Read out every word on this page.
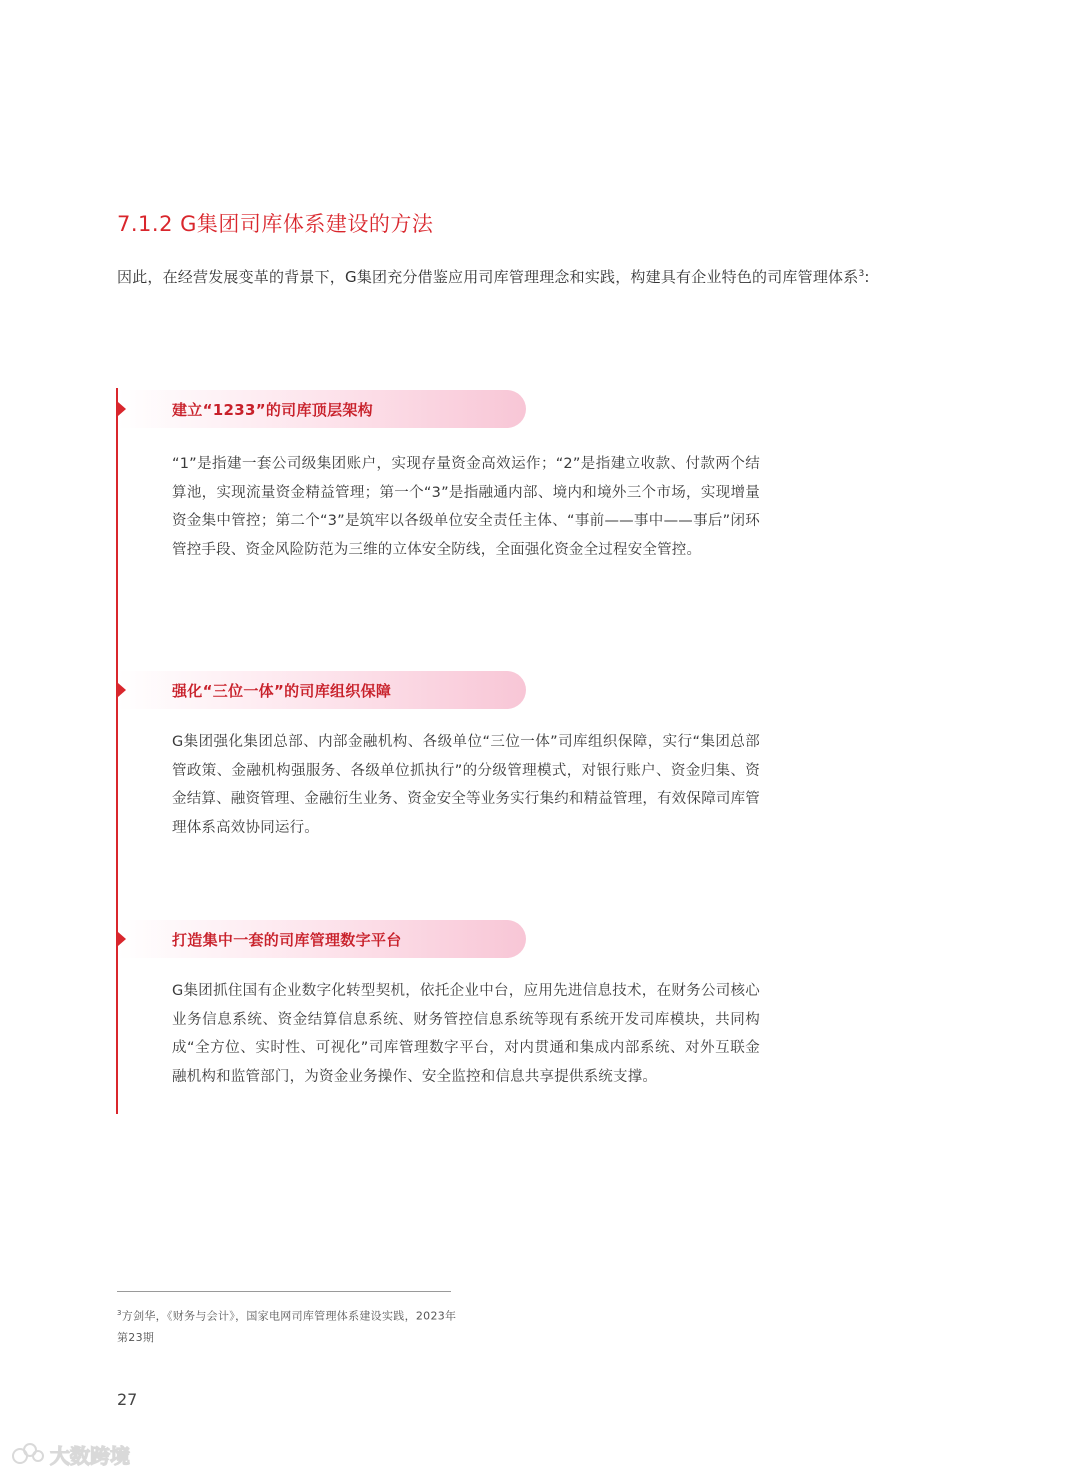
7.1.2 G集团司库体系建设的方法
因此，在经营发展变革的背景下，G集团充分借鉴应用司库管理理念和实践，构建具有企业特色的司库管理体系$^3$:
建立“1233”的司库顶层架构
“1”是指建一套公司级集团账户，实现存量资金高效运作；“2”是指建立收款、付款两个结算池，实现流量资金精益管理；第一个“3”是指融通内部、境内和境外三个市场，实现增量资金集中管控；第二个“3”是筑牢以各级单位安全责任主体、“事前——事中——事后”闭环管控手段、资金风险防范为三维的立体安全防线，全面强化资金全过程安全管控。
强化“三位一体”的司库组织保障
G集团强化集团总部、内部金融机构、各级单位“三位一体”司库组织保障，实行“集团总部管政策、金融机构强服务、各级单位抓执行”的分级管理模式，对银行账户、资金归集、资金结算、融资管理、金融衍生业务、资金安全等业务实行集约和精益管理，有效保障司库管理体系高效协同运行。
打造集中一套的司库管理数字平台
G集团抓住国有企业数字化转型契机，依托企业中台，应用先进信息技术，在财务公司核心业务信息系统、资金结算信息系统、财务管控信息系统等现有系统开发司库模块，共同构成“全方位、实时性、可视化”司库管理数字平台，对内贯通和集成内部系统、对外互联金融机构和监管部门，为资金业务操作、安全监控和信息共享提供系统支撑。
$^3$方剑华，《财务与会计》，国家电网司库管理体系建设实践，2023年第23期
27
大数跨境
